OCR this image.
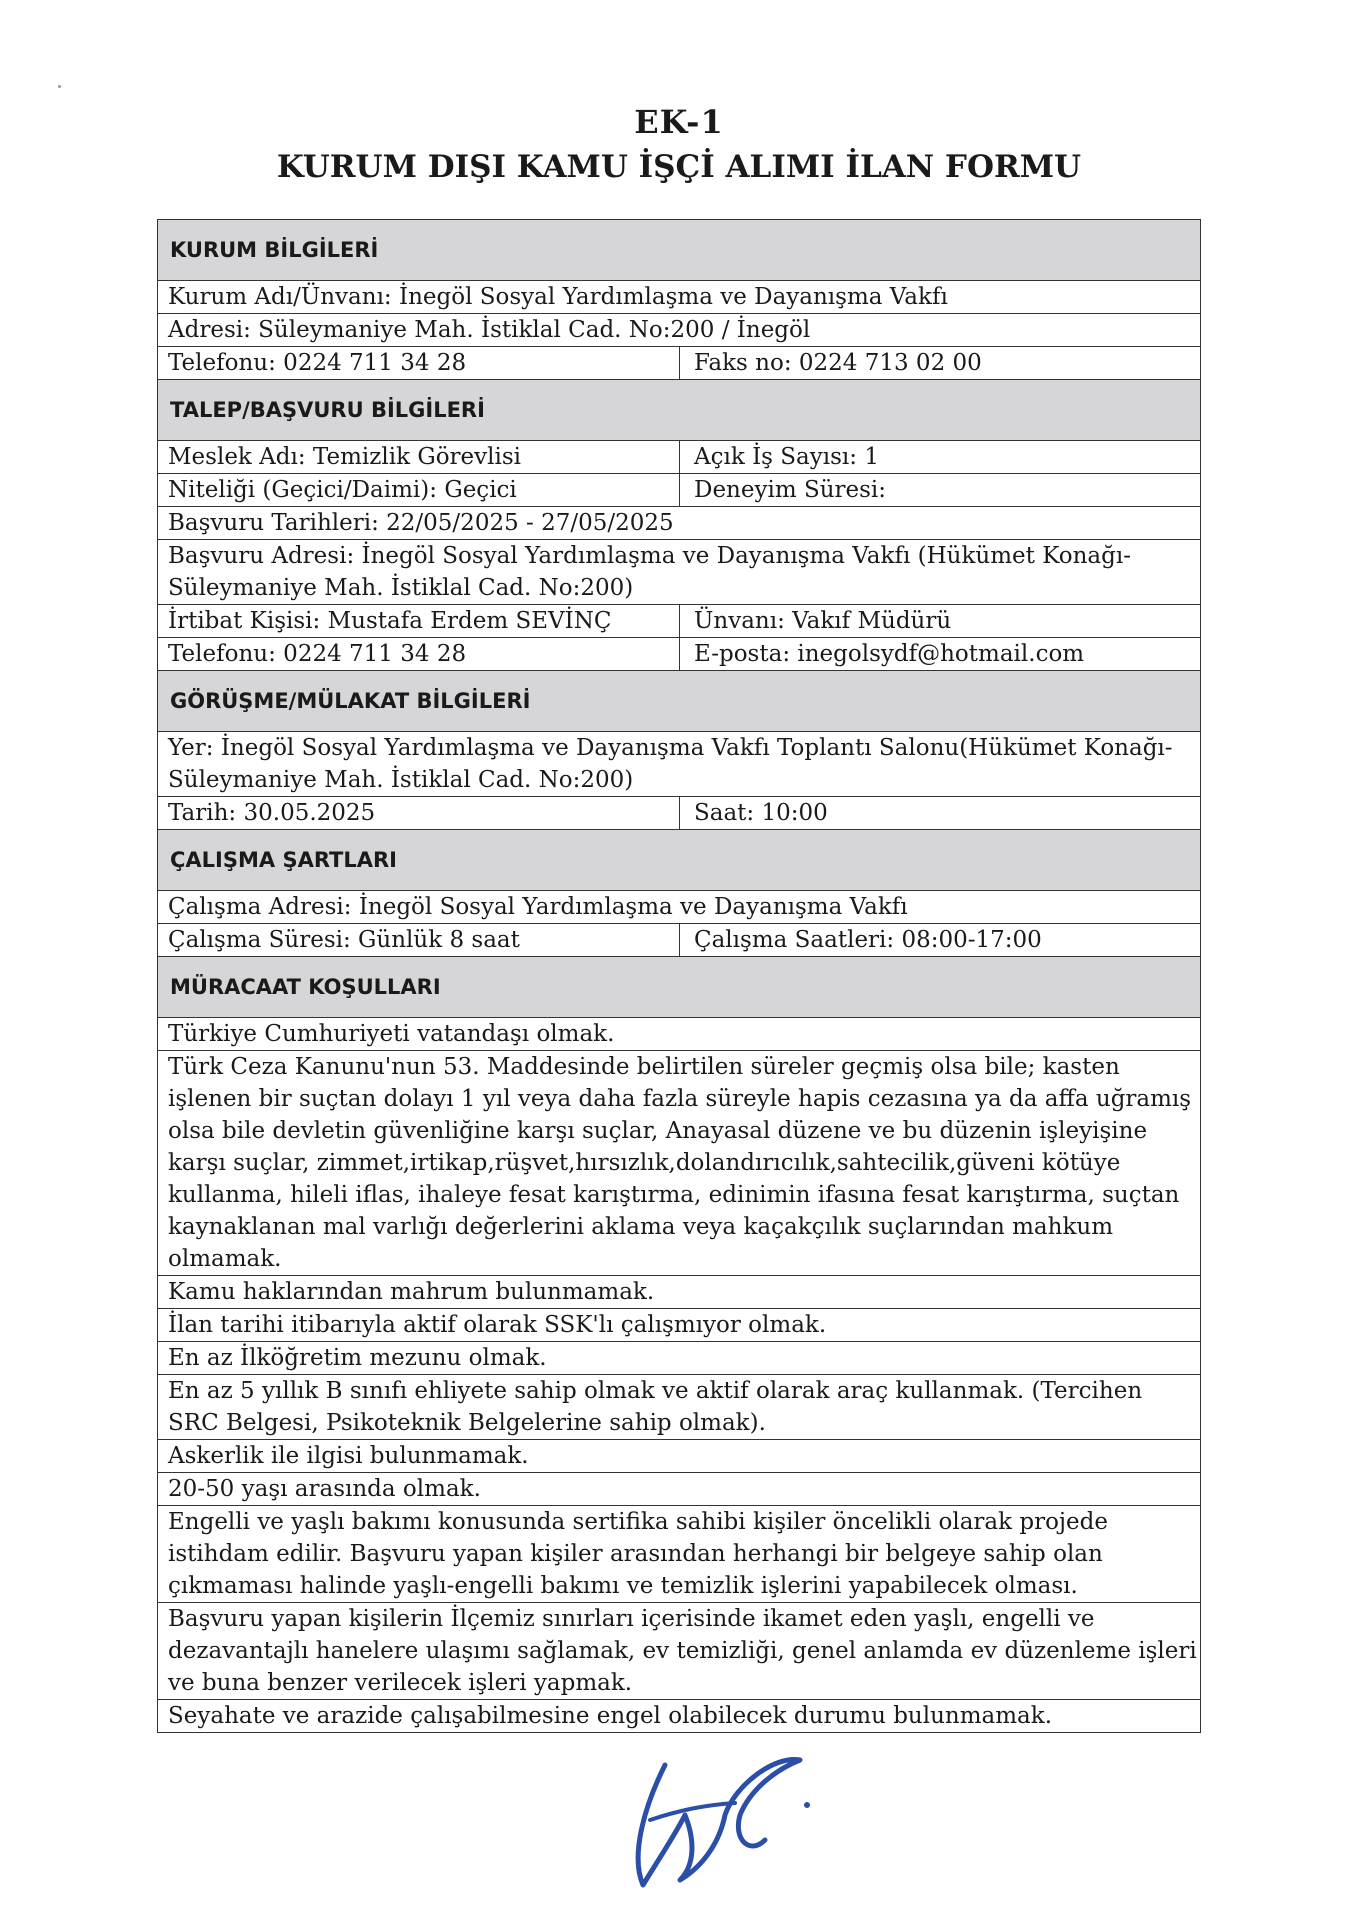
EK-1
KURUM DIŞI KAMU İŞÇİ ALIMI İLAN FORMU
KURUM BİLGİLERİ
Kurum Adı/Ünvanı: İnegöl Sosyal Yardımlaşma ve Dayanışma Vakfı
Adresi: Süleymaniye Mah. İstiklal Cad. No:200 / İnegöl
Telefonu: 0224 711 34 28	Faks no: 0224 713 02 00
TALEP/BAŞVURU BİLGİLERİ
Meslek Adı: Temizlik Görevlisi	Açık İş Sayısı: 1
Niteliği (Geçici/Daimi): Geçici	Deneyim Süresi:
Başvuru Tarihleri: 22/05/2025 - 27/05/2025
Başvuru Adresi: İnegöl Sosyal Yardımlaşma ve Dayanışma Vakfı (Hükümet Konağı-Süleymaniye Mah. İstiklal Cad. No:200)
İrtibat Kişisi: Mustafa Erdem SEVİNÇ	Ünvanı: Vakıf Müdürü
Telefonu: 0224 711 34 28	E-posta: inegolsydf@hotmail.com
GÖRÜŞME/MÜLAKAT BİLGİLERİ
Yer: İnegöl Sosyal Yardımlaşma ve Dayanışma Vakfı Toplantı Salonu(Hükümet Konağı-Süleymaniye Mah. İstiklal Cad. No:200)
Tarih: 30.05.2025	Saat: 10:00
ÇALIŞMA ŞARTLARI
Çalışma Adresi: İnegöl Sosyal Yardımlaşma ve Dayanışma Vakfı
Çalışma Süresi: Günlük 8 saat	Çalışma Saatleri: 08:00-17:00
MÜRACAAT KOŞULLARI
Türkiye Cumhuriyeti vatandaşı olmak.
Türk Ceza Kanunu'nun 53. Maddesinde belirtilen süreler geçmiş olsa bile; kasten işlenen bir suçtan dolayı 1 yıl veya daha fazla süreyle hapis cezasına ya da affa uğramış olsa bile devletin güvenliğine karşı suçlar, Anayasal düzene ve bu düzenin işleyişine karşı suçlar, zimmet,irtikap,rüşvet,hırsızlık,dolandırıcılık,sahtecilik,güveni kötüye kullanma, hileli iflas, ihaleye fesat karıştırma, edinimin ifasına fesat karıştırma, suçtan kaynaklanan mal varlığı değerlerini aklama veya kaçakçılık suçlarından mahkum olmamak.
Kamu haklarından mahrum bulunmamak.
İlan tarihi itibarıyla aktif olarak SSK'lı çalışmıyor olmak.
En az İlköğretim mezunu olmak.
En az 5 yıllık B sınıfı ehliyete sahip olmak ve aktif olarak araç kullanmak. (Tercihen SRC Belgesi, Psikoteknik Belgelerine sahip olmak).
Askerlik ile ilgisi bulunmamak.
20-50 yaşı arasında olmak.
Engelli ve yaşlı bakımı konusunda sertifika sahibi kişiler öncelikli olarak projede istihdam edilir. Başvuru yapan kişiler arasından herhangi bir belgeye sahip olan çıkmaması halinde yaşlı-engelli bakımı ve temizlik işlerini yapabilecek olması.
Başvuru yapan kişilerin İlçemiz sınırları içerisinde ikamet eden yaşlı, engelli ve dezavantajlı hanelere ulaşımı sağlamak, ev temizliği, genel anlamda ev düzenleme işleri ve buna benzer verilecek işleri yapmak.
Seyahate ve arazide çalışabilmesine engel olabilecek durumu bulunmamak.
